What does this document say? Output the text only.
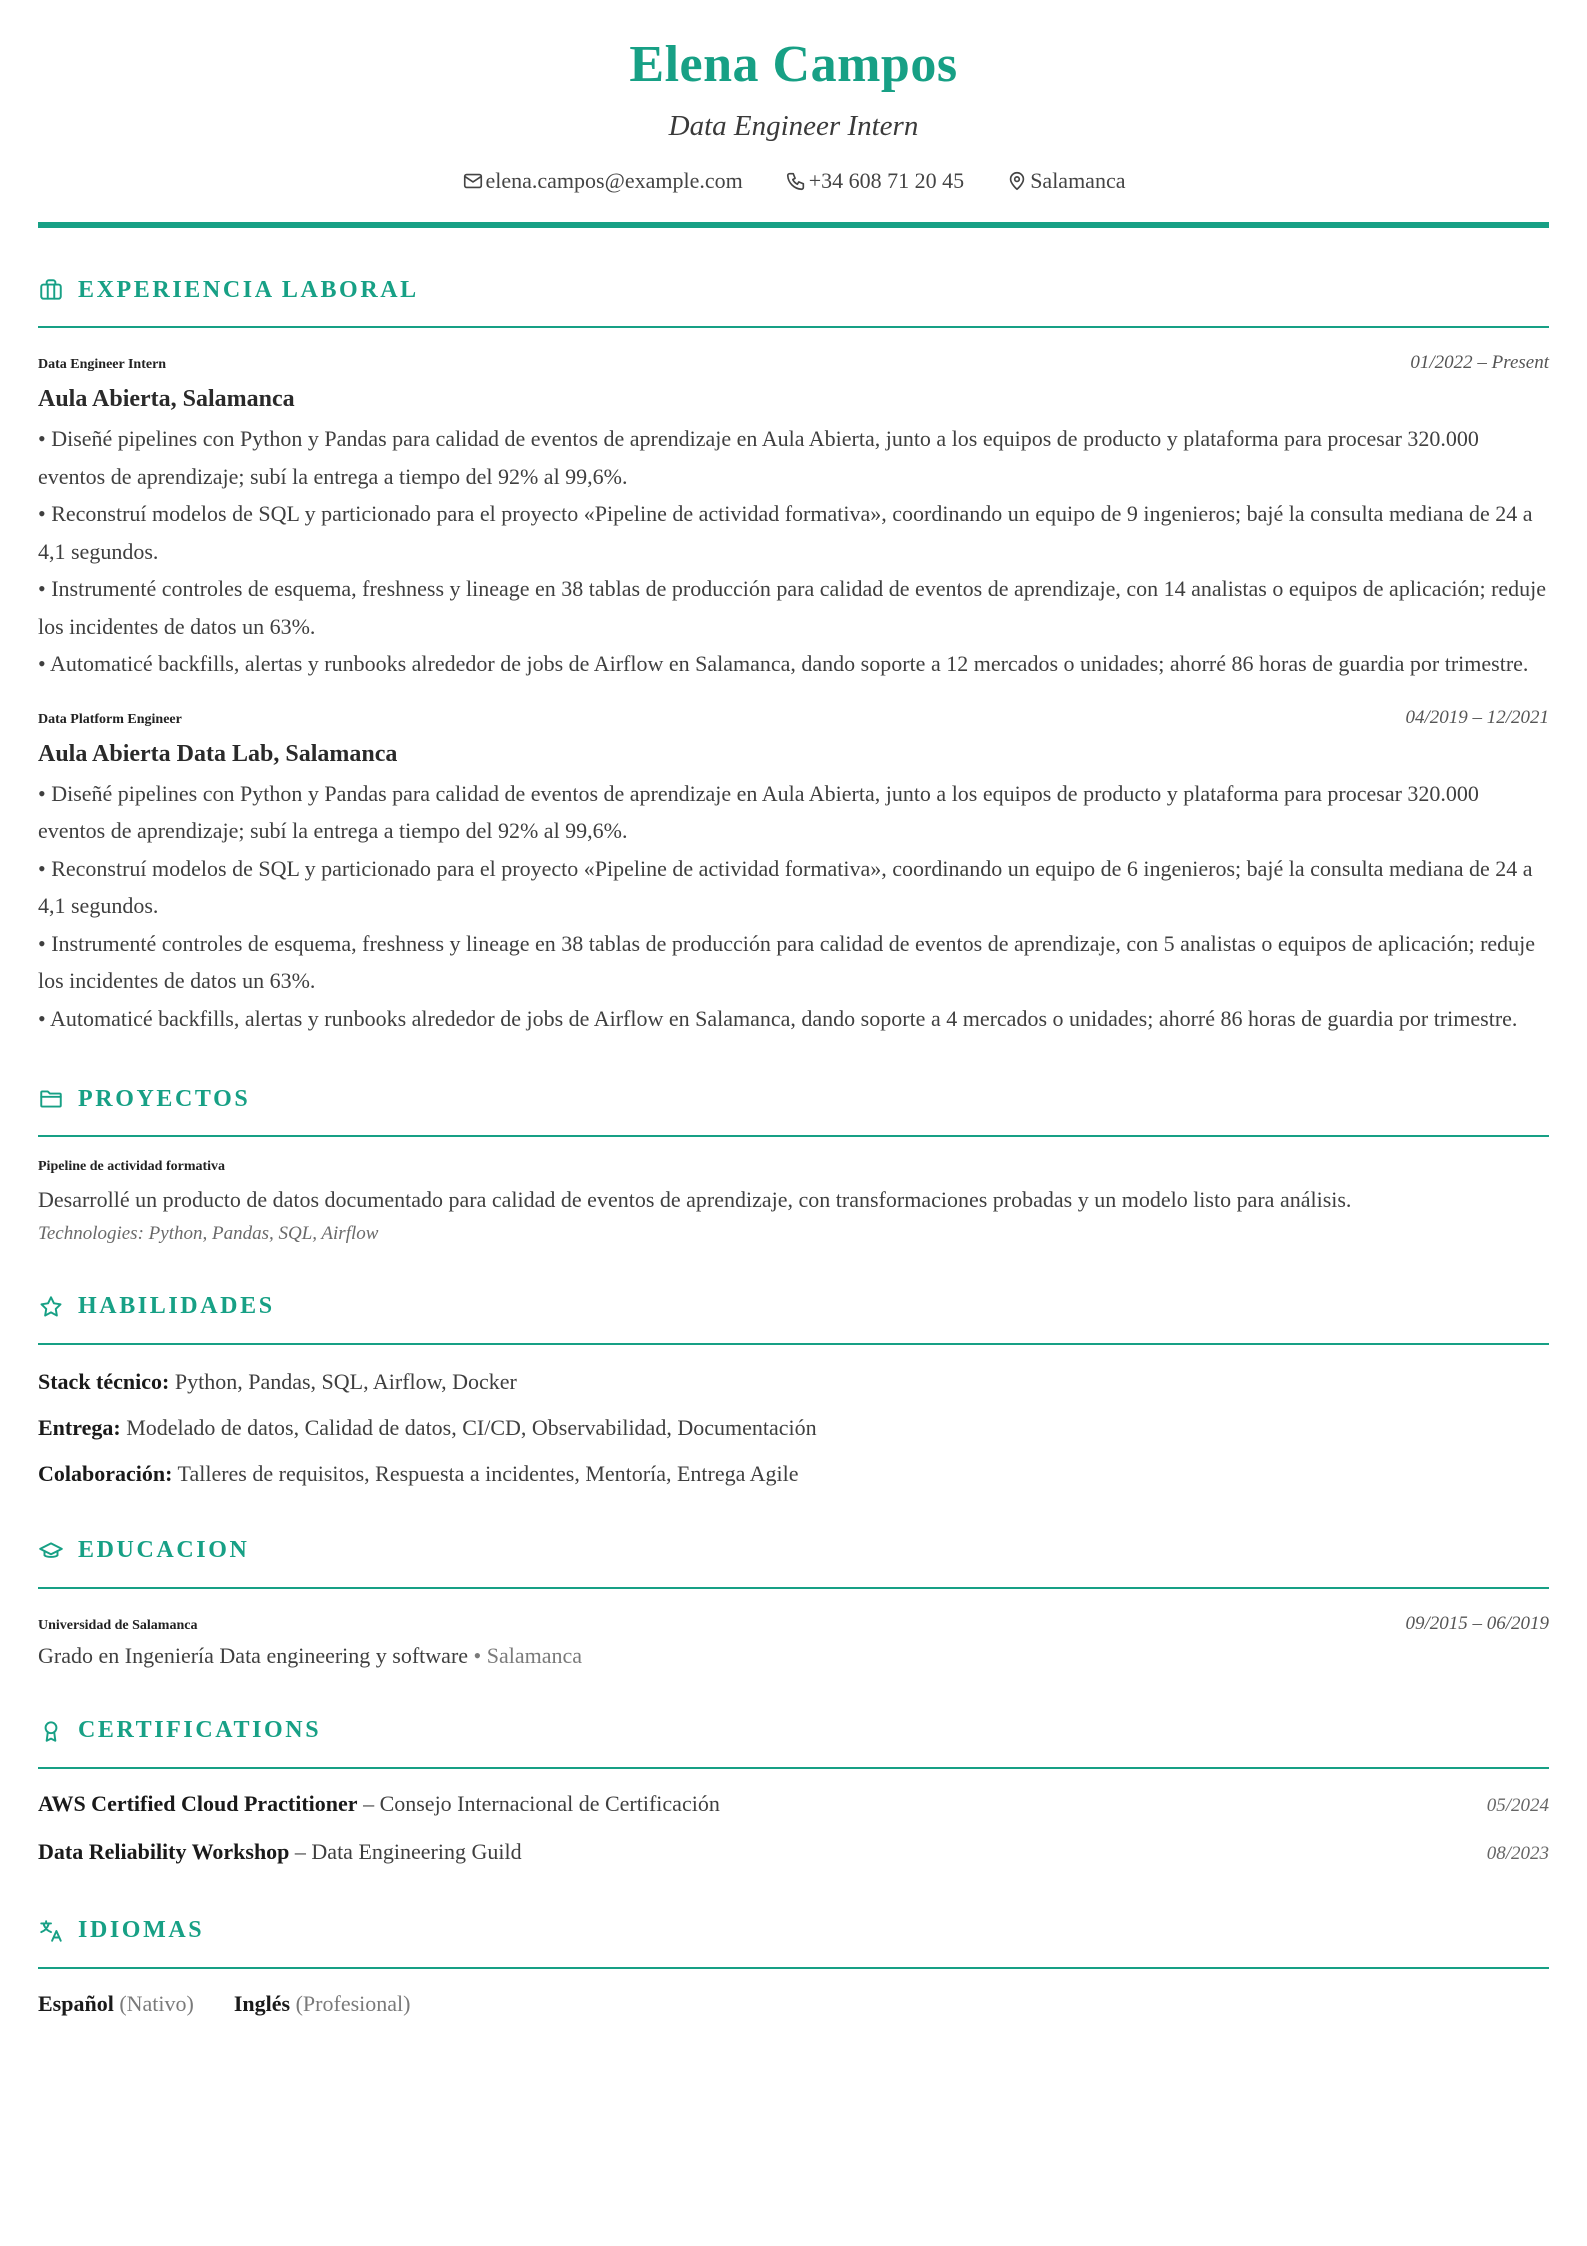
Elena Campos
Data Engineer Intern
elena.campos@example.com	+34 608 71 20 45	Salamanca
EXPERIENCIA LABORAL
Data Engineer Intern	01/2022 – Present
Aula Abierta, Salamanca
• Diseñé pipelines con Python y Pandas para calidad de eventos de aprendizaje en Aula Abierta, junto a los equipos de producto y plataforma para procesar 320.000 eventos de aprendizaje; subí la entrega a tiempo del 92% al 99,6%.
• Reconstruí modelos de SQL y particionado para el proyecto «Pipeline de actividad formativa», coordinando un equipo de 9 ingenieros; bajé la consulta mediana de 24 a 4,1 segundos.
• Instrumenté controles de esquema, freshness y lineage en 38 tablas de producción para calidad de eventos de aprendizaje, con 14 analistas o equipos de aplicación; reduje los incidentes de datos un 63%.
• Automaticé backfills, alertas y runbooks alrededor de jobs de Airflow en Salamanca, dando soporte a 12 mercados o unidades; ahorré 86 horas de guardia por trimestre.
Data Platform Engineer	04/2019 – 12/2021
Aula Abierta Data Lab, Salamanca
• Diseñé pipelines con Python y Pandas para calidad de eventos de aprendizaje en Aula Abierta, junto a los equipos de producto y plataforma para procesar 320.000 eventos de aprendizaje; subí la entrega a tiempo del 92% al 99,6%.
• Reconstruí modelos de SQL y particionado para el proyecto «Pipeline de actividad formativa», coordinando un equipo de 6 ingenieros; bajé la consulta mediana de 24 a 4,1 segundos.
• Instrumenté controles de esquema, freshness y lineage en 38 tablas de producción para calidad de eventos de aprendizaje, con 5 analistas o equipos de aplicación; reduje los incidentes de datos un 63%.
• Automaticé backfills, alertas y runbooks alrededor de jobs de Airflow en Salamanca, dando soporte a 4 mercados o unidades; ahorré 86 horas de guardia por trimestre.
PROYECTOS
Pipeline de actividad formativa
Desarrollé un producto de datos documentado para calidad de eventos de aprendizaje, con transformaciones probadas y un modelo listo para análisis.
Technologies: Python, Pandas, SQL, Airflow
HABILIDADES
Stack técnico: Python, Pandas, SQL, Airflow, Docker
Entrega: Modelado de datos, Calidad de datos, CI/CD, Observabilidad, Documentación
Colaboración: Talleres de requisitos, Respuesta a incidentes, Mentoría, Entrega Agile
EDUCACION
Universidad de Salamanca	09/2015 – 06/2019
Grado en Ingeniería Data engineering y software • Salamanca
CERTIFICATIONS
AWS Certified Cloud Practitioner – Consejo Internacional de Certificación	05/2024
Data Reliability Workshop – Data Engineering Guild	08/2023
IDIOMAS
Español (Nativo) Inglés (Profesional)
